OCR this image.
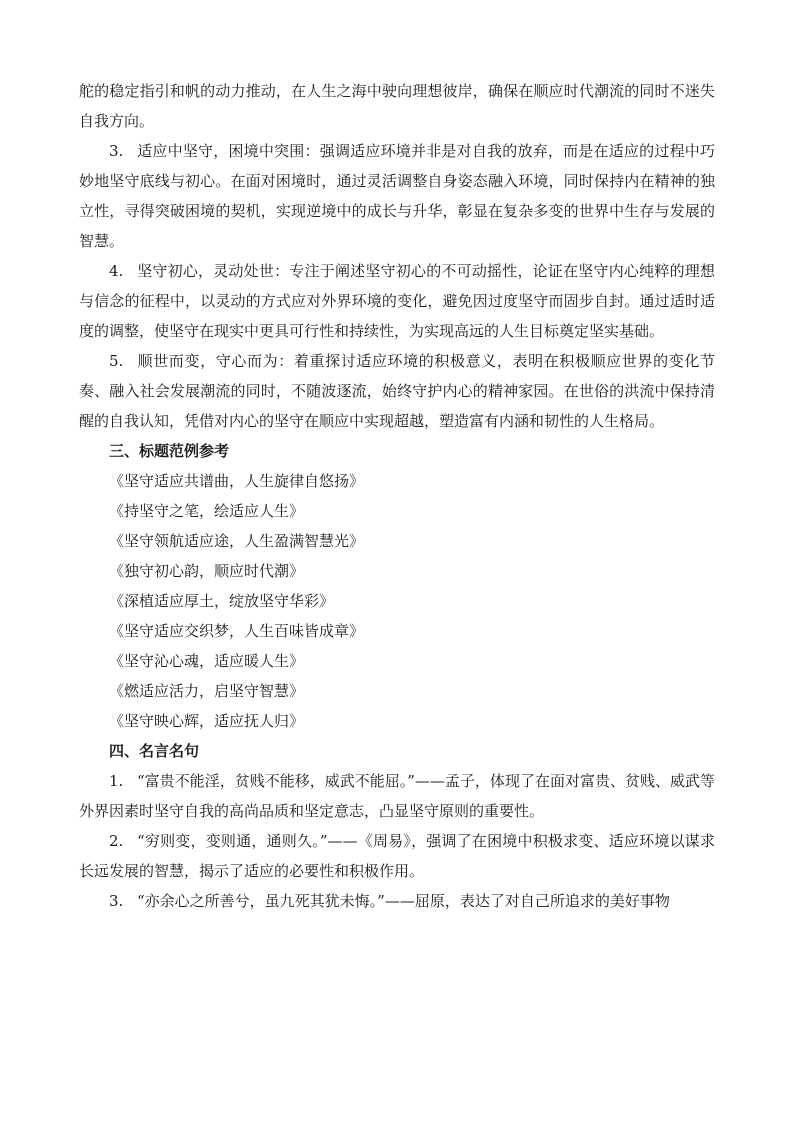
舵的稳定指引和帆的动力推动，在人生之海中驶向理想彼岸，确保在顺应时代潮流的同时不迷失自我方向。

3. 适应中坚守，困境中突围：强调适应环境并非是对自我的放弃，而是在适应的过程中巧妙地坚守底线与初心。在面对困境时，通过灵活调整自身姿态融入环境，同时保持内在精神的独立性，寻得突破困境的契机，实现逆境中的成长与升华，彰显在复杂多变的世界中生存与发展的智慧。

4. 坚守初心，灵动处世：专注于阐述坚守初心的不可动摇性，论证在坚守内心纯粹的理想与信念的征程中，以灵动的方式应对外界环境的变化，避免因过度坚守而固步自封。通过适时适度的调整，使坚守在现实中更具可行性和持续性，为实现高远的人生目标奠定坚实基础。

5. 顺世而变，守心而为：着重探讨适应环境的积极意义，表明在积极顺应世界的变化节奏、融入社会发展潮流的同时，不随波逐流，始终守护内心的精神家园。在世俗的洪流中保持清醒的自我认知，凭借对内心的坚守在顺应中实现超越，塑造富有内涵和韧性的人生格局。

三、标题范例参考

《坚守适应共谱曲，人生旋律自悠扬》

《持坚守之笔，绘适应人生》

《坚守领航适应途，人生盈满智慧光》

《独守初心韵，顺应时代潮》

《深植适应厚土，绽放坚守华彩》

《坚守适应交织梦，人生百味皆成章》

《坚守沁心魂，适应暖人生》

《燃适应活力，启坚守智慧》

《坚守映心辉，适应抚人归》

四、名言名句

1. “富贵不能淫，贫贱不能移，威武不能屈。”——孟子，体现了在面对富贵、贫贱、威武等外界因素时坚守自我的高尚品质和坚定意志，凸显坚守原则的重要性。

2. “穷则变，变则通，通则久。”——《周易》，强调了在困境中积极求变、适应环境以谋求长远发展的智慧，揭示了适应的必要性和积极作用。

3. “亦余心之所善兮，虽九死其犹未悔。”——屈原，表达了对自己所追求的美好事物
